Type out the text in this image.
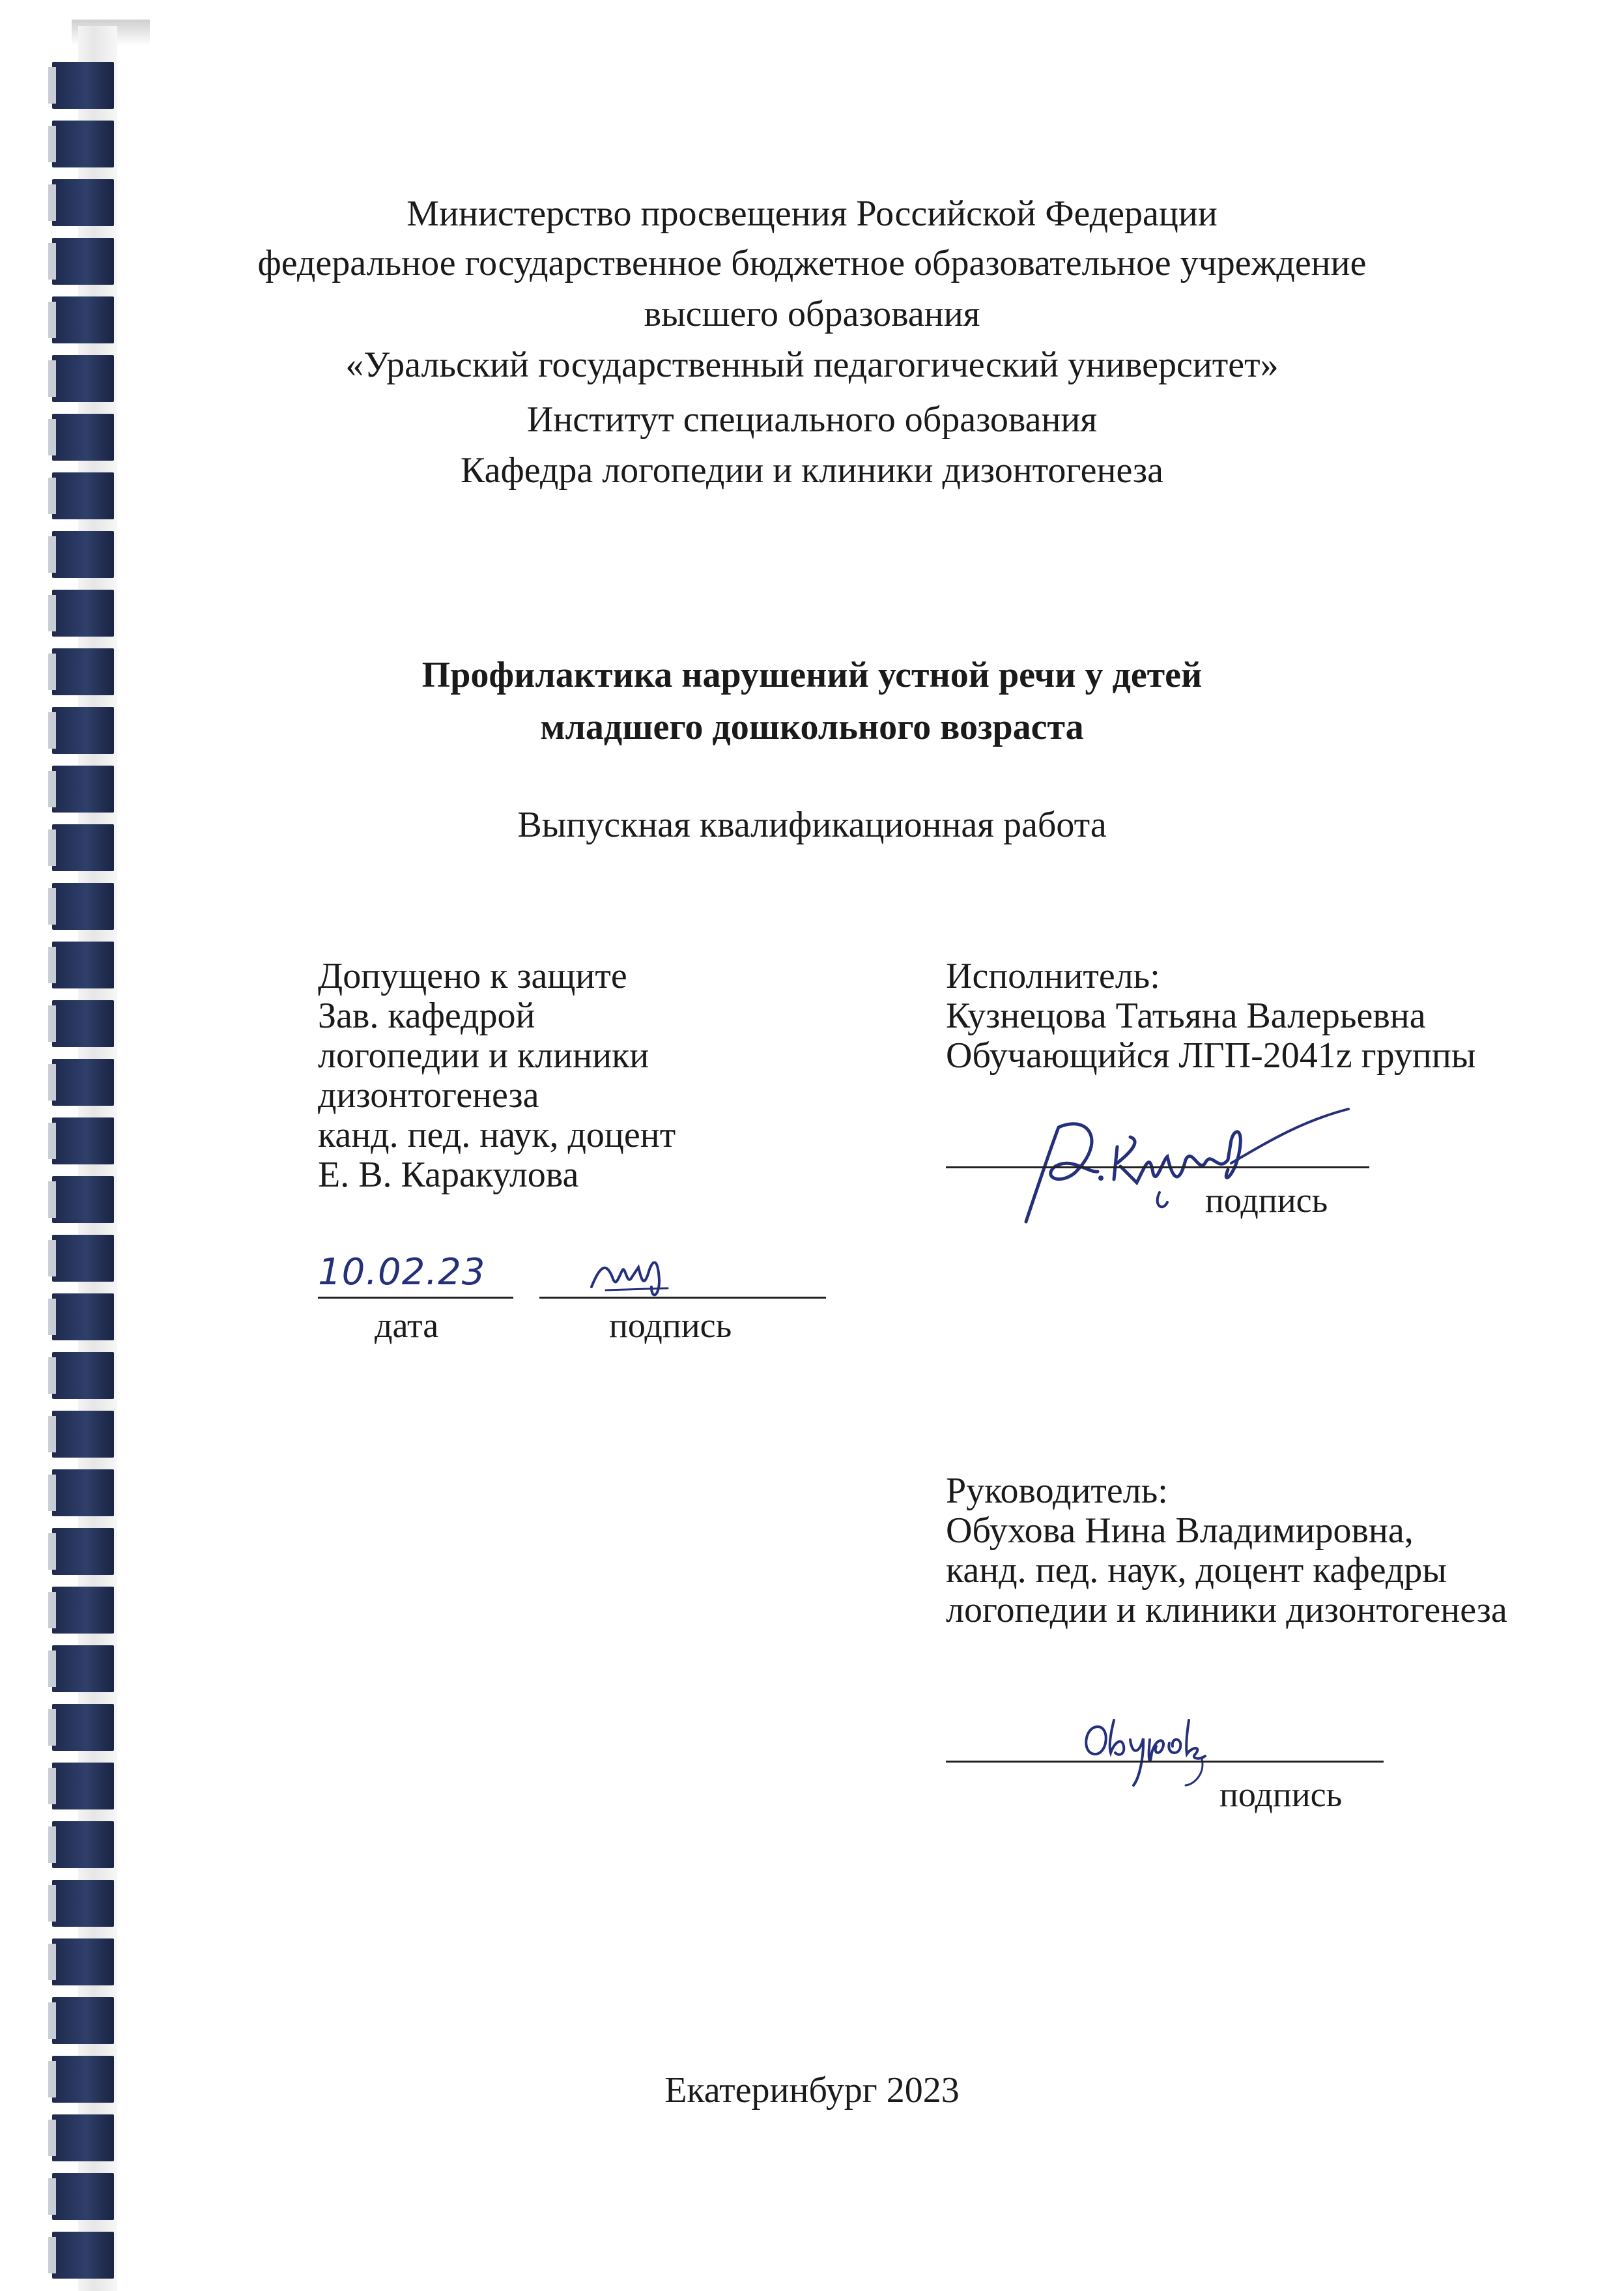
Министерство просвещения Российской Федерации
федеральное государственное бюджетное образовательное учреждение
высшего образования
«Уральский государственный педагогический университет»
Институт специального образования
Кафедра логопедии и клиники дизонтогенеза
Профилактика нарушений устной речи у детей
младшего дошкольного возраста
Выпускная квалификационная работа
Допущено к защите
Зав. кафедрой
логопедии и клиники
дизонтогенеза
канд. пед. наук, доцент
Е. В. Каракулова
10.02.23
дата	подпись
Исполнитель:
Кузнецова Татьяна Валерьевна
Обучающийся ЛГП-2041z группы
подпись
Руководитель:
Обухова Нина Владимировна,
канд. пед. наук, доцент кафедры
логопедии и клиники дизонтогенеза
подпись
Екатеринбург 2023
